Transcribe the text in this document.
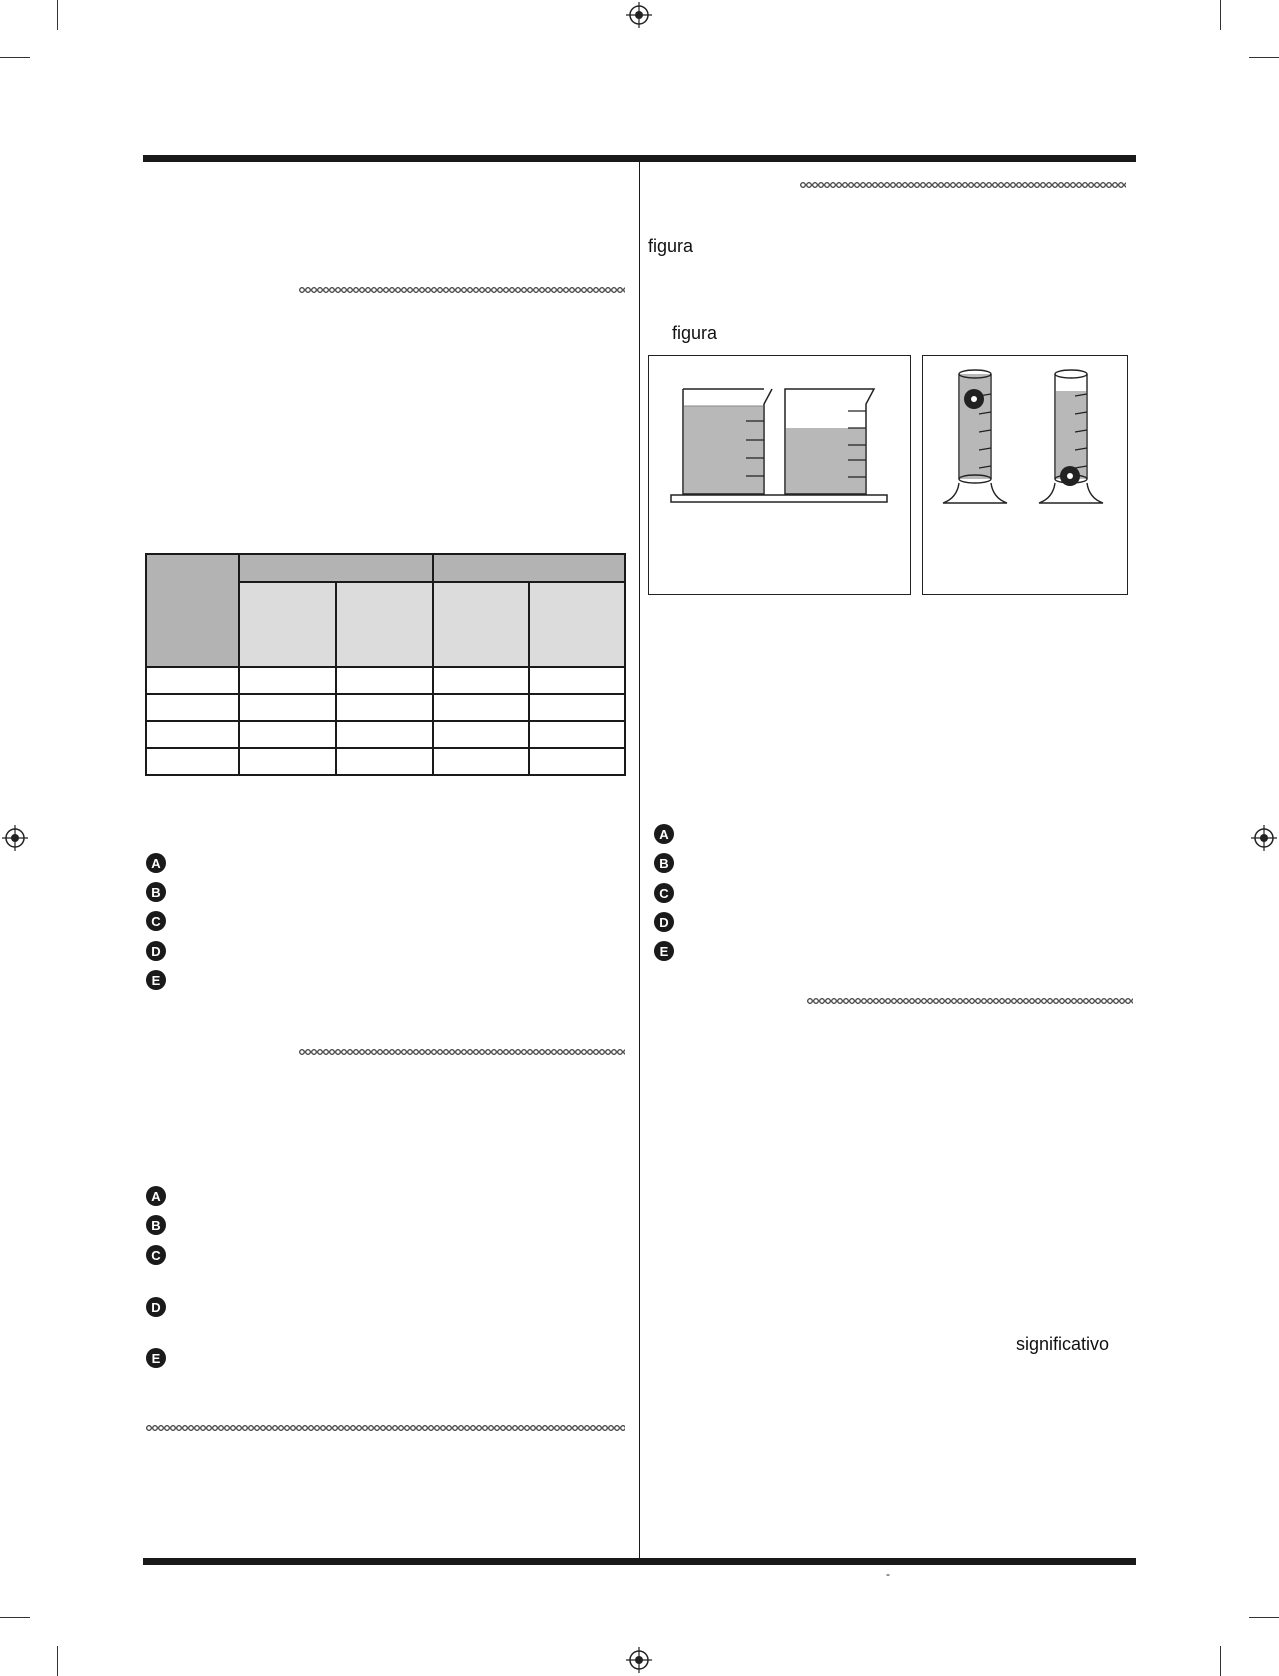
A
B
C
D
E
A
B
C
D
E
figura
figura
A
B
C
D
E
significativo
-
